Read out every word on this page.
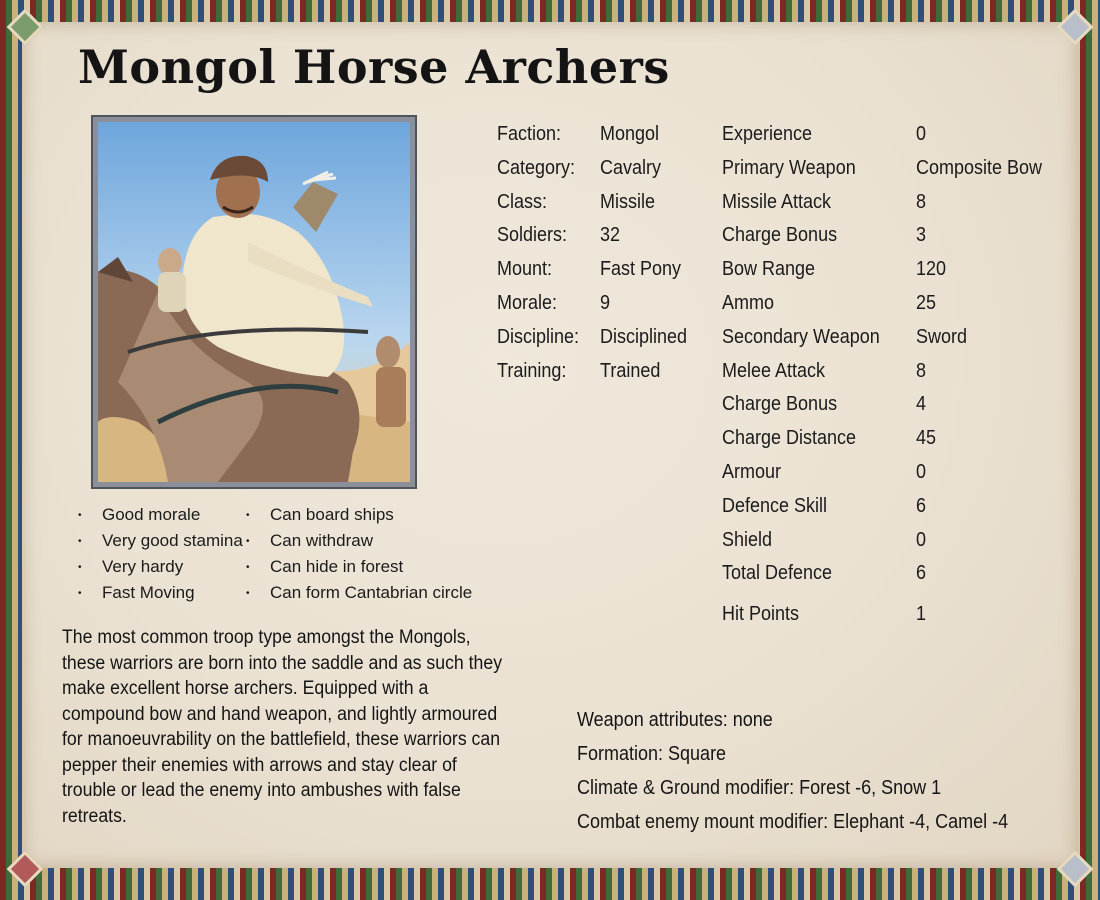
Mongol Horse Archers
Faction:
Category:
Class:
Soldiers:
Mount:
Morale:
Discipline:
Training:
Mongol
Cavalry
Missile
32
Fast Pony
9
Disciplined
Trained
Experience
Primary Weapon
Missile Attack
Charge Bonus
Bow Range
Ammo
Secondary Weapon
Melee Attack
Charge Bonus
Charge Distance
Armour
Defence Skill
Shield
Total Defence
Hit Points
0
Composite Bow
8
3
120
25
Sword
8
4
45
0
6
0
6
1
• Good morale
• Very good stamina
• Very hardy
• Fast Moving
• Can board ships
• Can withdraw
• Can hide in forest
• Can form Cantabrian circle
The most common troop type amongst the Mongols, these warriors are born into the saddle and as such they make excellent horse archers. Equipped with a compound bow and hand weapon, and lightly armoured for manoeuvrability on the battlefield, these warriors can pepper their enemies with arrows and stay clear of trouble or lead the enemy into ambushes with false retreats.
Weapon attributes: none
Formation: Square
Climate & Ground modifier: Forest -6, Snow 1
Combat enemy mount modifier: Elephant -4, Camel -4
